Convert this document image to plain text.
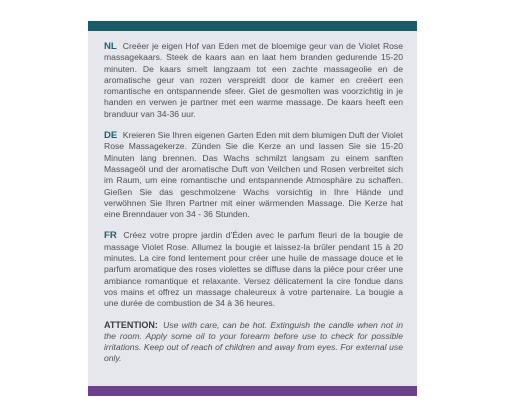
NL Creëer je eigen Hof van Eden met de bloemige geur van de Violet Rose massagekaars. Steek de kaars aan en laat hem branden gedurende 15-20 minuten. De kaars smelt langzaam tot een zachte massageolie en de aromatische geur van rozen verspreidt door de kamer en creëert een romantische en ontspannende sfeer. Giet de gesmolten was voorzichtig in je handen en verwen je partner met een warme massage. De kaars heeft een branduur van 34-36 uur.

DE Kreieren Sie Ihren eigenen Garten Eden mit dem blumigen Duft der Violet Rose Massagekerze. Zünden Sie die Kerze an und lassen Sie sie 15-20 Minuten lang brennen. Das Wachs schmilzt langsam zu einem sanften Massageöl und der aromatische Duft von Veilchen und Rosen verbreitet sich im Raum, um eine romantische und entspannende Atmosphäre zu schaffen. Gießen Sie das geschmolzene Wachs vorsichtig in Ihre Hände und verwöhnen Sie Ihren Partner mit einer wärmenden Massage. Die Kerze hat eine Brenndauer von 34 - 36 Stunden.

FR Créez votre propre jardin d'Éden avec le parfum fleuri de la bougie de massage Violet Rose. Allumez la bougie et laissez-la brûler pendant 15 à 20 minutes. La cire fond lentement pour créer une huile de massage douce et le parfum aromatique des roses violettes se diffuse dans la pièce pour créer une ambiance romantique et relaxante. Versez délicatement la cire fondue dans vos mains et offrez un massage chaleureux à votre partenaire. La bougie a une durée de combustion de 34 à 36 heures.

ATTENTION: Use with care, can be hot. Extinguish the candle when not in the room. Apply some oil to your forearm before use to check for possible irritations. Keep out of reach of children and away from eyes. For external use only.
